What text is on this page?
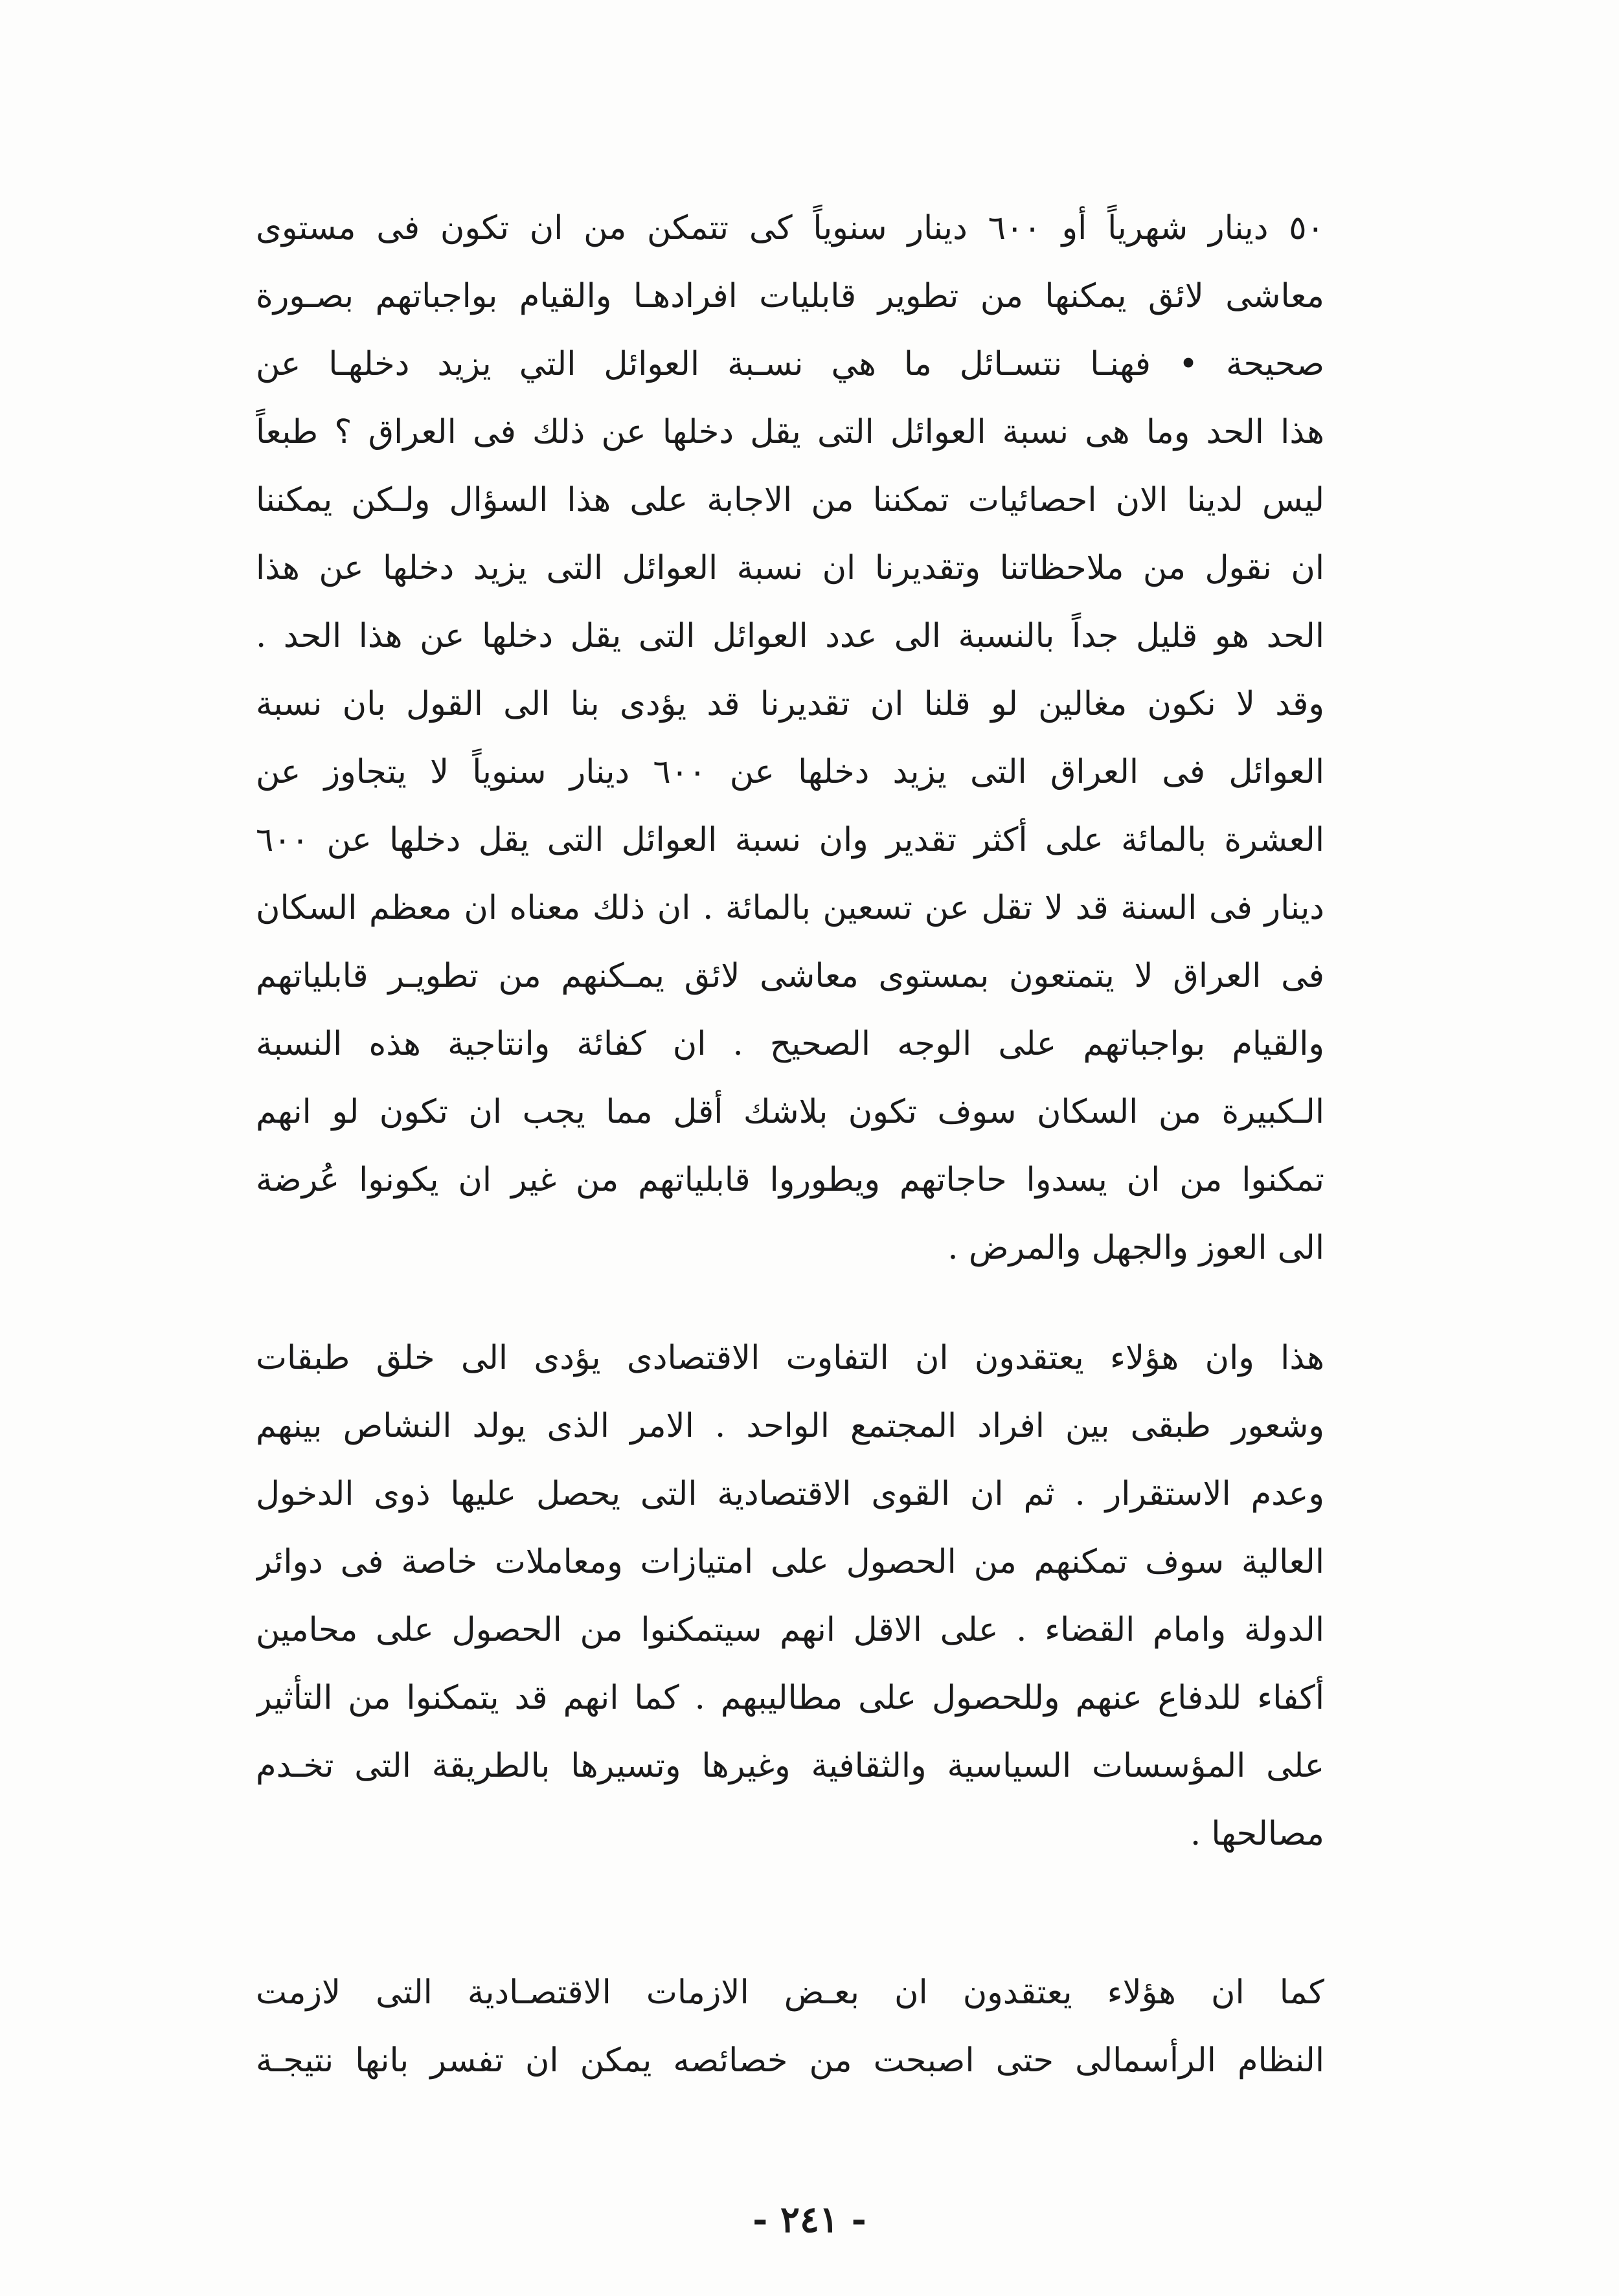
٥٠ دينار شهرياً أو ٦٠٠ دينار سنوياً كى تتمكن من ان تكون فى مستوى
معاشى لائق يمكنها من تطوير قابليات افرادهـا والقيام بواجباتهم بصـورة
صحيحة • فهنـا نتسـائل ما هي نسـبة العوائل التي يزيد دخلهـا عن
هذا الحد وما هى نسبة العوائل التى يقل دخلها عن ذلك فى العراق ؟ طبعاً
ليس لدينا الان احصائيات تمكننا من الاجابة على هذا السؤال ولـكن يمكننا
ان نقول من ملاحظاتنا وتقديرنا ان نسبة العوائل التى يزيد دخلها عن هذا
الحد هو قليل جداً بالنسبة الى عدد العوائل التى يقل دخلها عن هذا الحد .
وقد لا نكون مغالين لو قلنا ان تقديرنا قد يؤدى بنا الى القول بان نسبة
العوائل فى العراق التى يزيد دخلها عن ٦٠٠ دينار سنوياً لا يتجاوز عن
العشرة بالمائة على أكثر تقدير وان نسبة العوائل التى يقل دخلها عن ٦٠٠
دينار فى السنة قد لا تقل عن تسعين بالمائة . ان ذلك معناه ان معظم السكان
فى العراق لا يتمتعون بمستوى معاشى لائق يمـكنهم من تطويـر قابلياتهم
والقيام بواجباتهم على الوجه الصحيح . ان كفائة وانتاجية هذه النسبة
الـكبيرة من السكان سوف تكون بلاشك أقل مما يجب ان تكون لو انهم
تمكنوا من ان يسدوا حاجاتهم ويطوروا قابلياتهم من غير ان يكونوا عُرضة
الى العوز والجهل والمرض .
هذا وان هؤلاء يعتقدون ان التفاوت الاقتصادى يؤدى الى خلق طبقات
وشعور طبقى بين افراد المجتمع الواحد . الامر الذى يولد النشاص بينهم
وعدم الاستقرار . ثم ان القوى الاقتصادية التى يحصل عليها ذوى الدخول
العالية سوف تمكنهم من الحصول على امتيازات ومعاملات خاصة فى دوائر
الدولة وامام القضاء . على الاقل انهم سيتمكنوا من الحصول على محامين
أكفاء للدفاع عنهم وللحصول على مطاليبهم . كما انهم قد يتمكنوا من التأثير
على المؤسسات السياسية والثقافية وغيرها وتسيرها بالطريقة التى تخـدم
مصالحها .
كما ان هؤلاء يعتقدون ان بعـض الازمات الاقتصـادية التى لازمت
النظام الرأسمالى حتى اصبحت من خصائصه يمكن ان تفسر بانها نتيجـة
- ٢٤١ -
